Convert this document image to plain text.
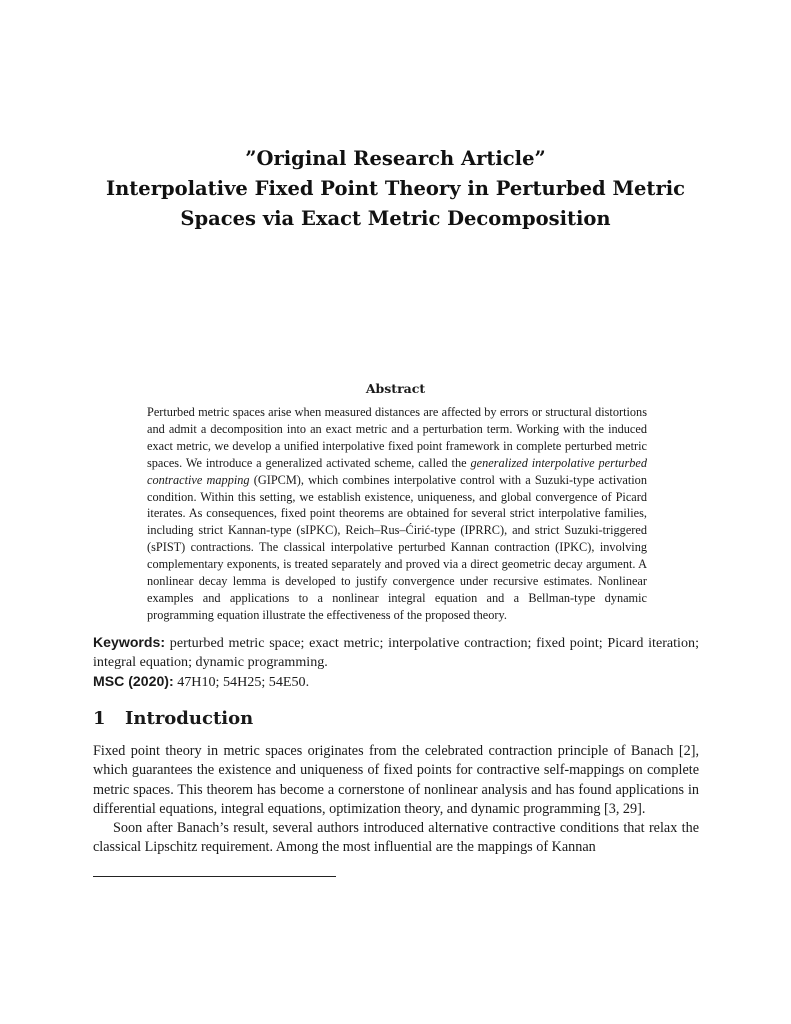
”Original Research Article”
Interpolative Fixed Point Theory in Perturbed Metric
Spaces via Exact Metric Decomposition
Abstract

Perturbed metric spaces arise when measured distances are affected by errors or structural distortions and admit a decomposition into an exact metric and a perturbation term. Working with the induced exact metric, we develop a unified interpolative fixed point framework in complete perturbed metric spaces. We introduce a generalized activated scheme, called the generalized interpolative perturbed contractive mapping (GIPCM), which combines interpolative control with a Suzuki-type activation condition. Within this setting, we establish existence, uniqueness, and global convergence of Picard iterates. As consequences, fixed point theorems are obtained for several strict interpolative families, including strict Kannan-type (sIPKC), Reich–Rus–Ćirić-type (IPRRC), and strict Suzuki-triggered (sPIST) contractions. The classical interpolative perturbed Kannan contraction (IPKC), involving complementary exponents, is treated separately and proved via a direct geometric decay argument. A nonlinear decay lemma is developed to justify convergence under recursive estimates. Nonlinear examples and applications to a nonlinear integral equation and a Bellman-type dynamic programming equation illustrate the effectiveness of the proposed theory.

Keywords: perturbed metric space; exact metric; interpolative contraction; fixed point; Picard iteration; integral equation; dynamic programming.
MSC (2020): 47H10; 54H25; 54E50.
1 Introduction

Fixed point theory in metric spaces originates from the celebrated contraction principle of Banach [2], which guarantees the existence and uniqueness of fixed points for contractive self-mappings on complete metric spaces. This theorem has become a cornerstone of nonlinear analysis and has found applications in differential equations, integral equations, optimization theory, and dynamic programming [3, 29].

Soon after Banach’s result, several authors introduced alternative contractive conditions that relax the classical Lipschitz requirement. Among the most influential are the mappings of Kannan
